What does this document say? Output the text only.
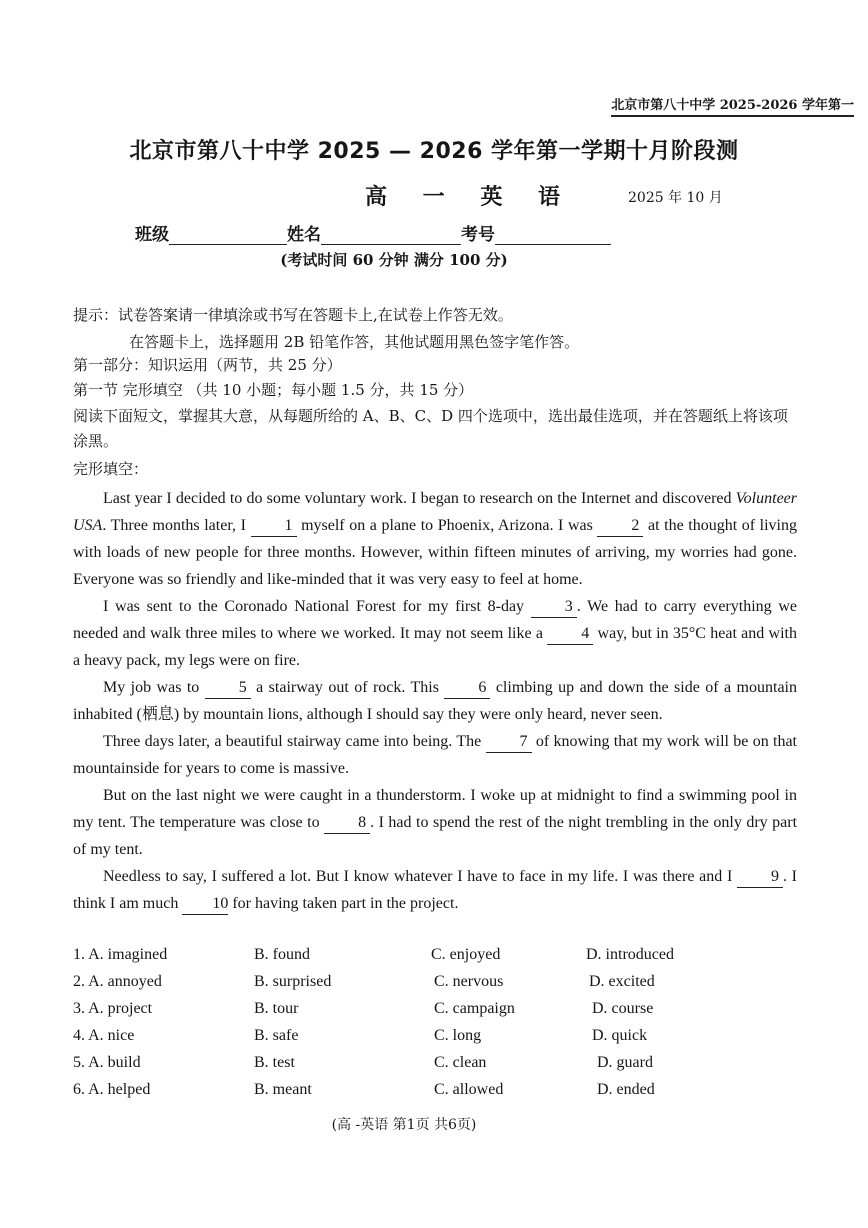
北京市第八十中学 2025-2026 学年第一
北京市第八十中学 2025 — 2026 学年第一学期十月阶段测
高 一 英 语	2025 年 10 月
班级	姓名	考号
(考试时间 60 分钟 满分 100 分)
提示：试卷答案请一律填涂或书写在答题卡上,在试卷上作答无效。
在答题卡上，选择题用 2B 铅笔作答，其他试题用黑色签字笔作答。
第一部分：知识运用（两节，共 25 分）
第一节 完形填空 （共 10 小题；每小题 1.5 分，共 15 分）
阅读下面短文，掌握其大意，从每题所给的 A、B、C、D 四个选项中，选出最佳选项，并在答题纸上将该项涂黑。
完形填空：

Last year I decided to do some voluntary work. I began to research on the Internet and discovered Volunteer USA. Three months later, I 1 myself on a plane to Phoenix, Arizona. I was 2 at the thought of living with loads of new people for three months. However, within fifteen minutes of arriving, my worries had gone. Everyone was so friendly and like-minded that it was very easy to feel at home.

I was sent to the Coronado National Forest for my first 8-day 3 . We had to carry everything we needed and walk three miles to where we worked. It may not seem like a 4 way, but in 35°C heat and with a heavy pack, my legs were on fire.

My job was to 5 a stairway out of rock. This 6 climbing up and down the side of a mountain inhabited (栖息) by mountain lions, although I should say they were only heard, never seen.

Three days later, a beautiful stairway came into being. The 7 of knowing that my work will be on that mountainside for years to come is massive.

But on the last night we were caught in a thunderstorm. I woke up at midnight to find a swimming pool in my tent. The temperature was close to 8 . I had to spend the rest of the night trembling in the only dry part of my tent.

Needless to say, I suffered a lot. But I know whatever I have to face in my life. I was there and I 9 . I think I am much 10 for having taken part in the project.

1. A. imagined	B. found	C. enjoyed	D. introduced
2. A. annoyed	B. surprised	C. nervous	D. excited
3. A. project	B. tour	C. campaign	D. course
4. A. nice	B. safe	C. long	D. quick
5. A. build	B. test	C. clean	D. guard
6. A. helped	B. meant	C. allowed	D. ended
(高 -英语 第1页 共6页)
